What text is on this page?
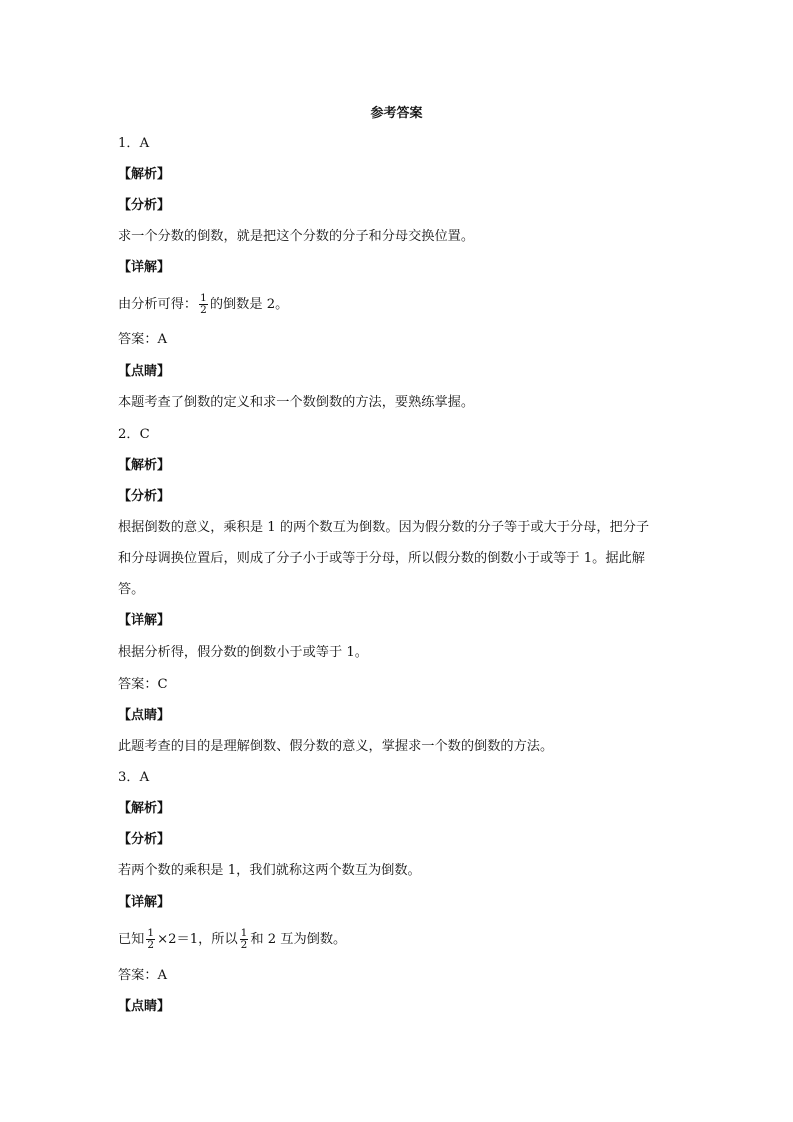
参考答案
1．A
【解析】
【分析】
求一个分数的倒数，就是把这个分数的分子和分母交换位置。
【详解】
由分析可得： $\frac{1}{2}$ 的倒数是 2。
答案：A
【点睛】
本题考查了倒数的定义和求一个数倒数的方法，要熟练掌握。
2．C
【解析】
【分析】
根据倒数的意义，乘积是 1 的两个数互为倒数。因为假分数的分子等于或大于分母，把分子
和分母调换位置后，则成了分子小于或等于分母，所以假分数的倒数小于或等于 1。据此解
答。
【详解】
根据分析得，假分数的倒数小于或等于 1。
答案：C
【点睛】
此题考查的目的是理解倒数、假分数的意义，掌握求一个数的倒数的方法。
3．A
【解析】
【分析】
若两个数的乘积是 1，我们就称这两个数互为倒数。
【详解】
已知 $\frac{1}{2} \times 2=1$，所以 $\frac{1}{2}$ 和 2 互为倒数。
答案：A
【点睛】
